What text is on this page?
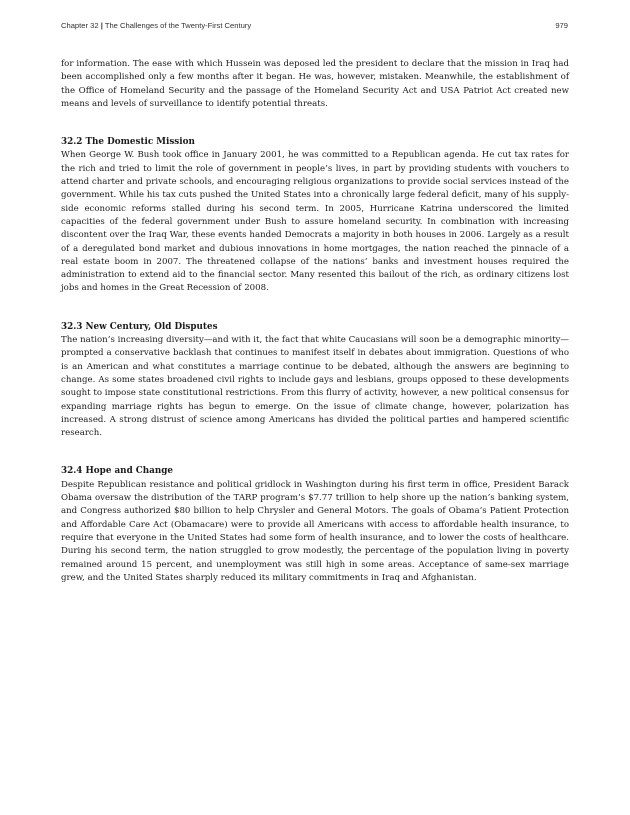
Chapter 32 | The Challenges of the Twenty-First Century	979

for information. The ease with which Hussein was deposed led the president to declare that the mission in Iraq had been accomplished only a few months after it began. He was, however, mistaken. Meanwhile, the establishment of the Office of Homeland Security and the passage of the Homeland Security Act and USA Patriot Act created new means and levels of surveillance to identify potential threats.

32.2 The Domestic Mission

When George W. Bush took office in January 2001, he was committed to a Republican agenda. He cut tax rates for the rich and tried to limit the role of government in people’s lives, in part by providing students with vouchers to attend charter and private schools, and encouraging religious organizations to provide social services instead of the government. While his tax cuts pushed the United States into a chronically large federal deficit, many of his supply-side economic reforms stalled during his second term. In 2005, Hurricane Katrina underscored the limited capacities of the federal government under Bush to assure homeland security. In combination with increasing discontent over the Iraq War, these events handed Democrats a majority in both houses in 2006. Largely as a result of a deregulated bond market and dubious innovations in home mortgages, the nation reached the pinnacle of a real estate boom in 2007. The threatened collapse of the nations’ banks and investment houses required the administration to extend aid to the financial sector. Many resented this bailout of the rich, as ordinary citizens lost jobs and homes in the Great Recession of 2008.

32.3 New Century, Old Disputes

The nation’s increasing diversity—and with it, the fact that white Caucasians will soon be a demographic minority—prompted a conservative backlash that continues to manifest itself in debates about immigration. Questions of who is an American and what constitutes a marriage continue to be debated, although the answers are beginning to change. As some states broadened civil rights to include gays and lesbians, groups opposed to these developments sought to impose state constitutional restrictions. From this flurry of activity, however, a new political consensus for expanding marriage rights has begun to emerge. On the issue of climate change, however, polarization has increased. A strong distrust of science among Americans has divided the political parties and hampered scientific research.

32.4 Hope and Change

Despite Republican resistance and political gridlock in Washington during his first term in office, President Barack Obama oversaw the distribution of the TARP program’s $7.77 trillion to help shore up the nation’s banking system, and Congress authorized $80 billion to help Chrysler and General Motors. The goals of Obama’s Patient Protection and Affordable Care Act (Obamacare) were to provide all Americans with access to affordable health insurance, to require that everyone in the United States had some form of health insurance, and to lower the costs of healthcare. During his second term, the nation struggled to grow modestly, the percentage of the population living in poverty remained around 15 percent, and unemployment was still high in some areas. Acceptance of same-sex marriage grew, and the United States sharply reduced its military commitments in Iraq and Afghanistan.
